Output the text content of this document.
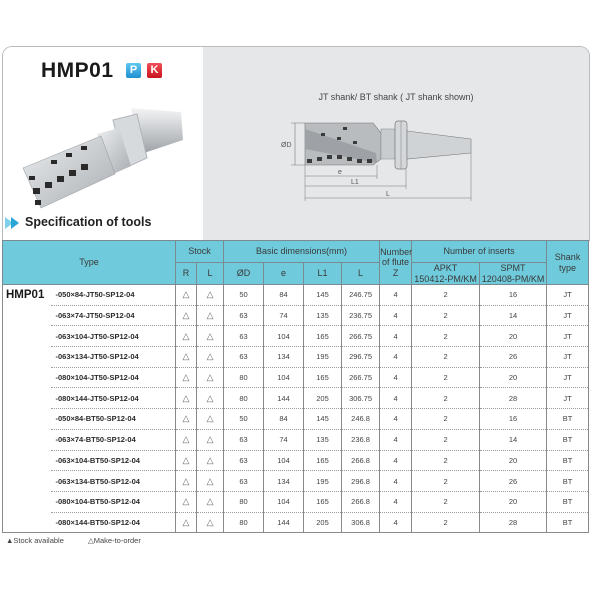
HMP01	P	K
Specification of tools
JT shank/ BT shank ( JT shank shown)
ØD
e
L1
L
Type		Stock		Basic dimensions(mm)				Number
of flute
Z	Number of inserts		Shank
type
		R	L	ØD	e	L1	L		APKT
150412-PM/KM	SPMT
120408-PM/KM	
HMP01	-050×84-JT50-SP12-04	△	△	50	84	145	246.75	4	2	16	JT
	-063×74-JT50-SP12-04	△	△	63	74	135	236.75	4	2	14	JT
	-063×104-JT50-SP12-04	△	△	63	104	165	266.75	4	2	20	JT
	-063×134-JT50-SP12-04	△	△	63	134	195	296.75	4	2	26	JT
	-080×104-JT50-SP12-04	△	△	80	104	165	266.75	4	2	20	JT
	-080×144-JT50-SP12-04	△	△	80	144	205	306.75	4	2	28	JT
	-050×84-BT50-SP12-04	△	△	50	84	145	246.8	4	2	16	BT
	-063×74-BT50-SP12-04	△	△	63	74	135	236.8	4	2	14	BT
	-063×104-BT50-SP12-04	△	△	63	104	165	266.8	4	2	20	BT
	-063×134-BT50-SP12-04	△	△	63	134	195	296.8	4	2	26	BT
	-080×104-BT50-SP12-04	△	△	80	104	165	266.8	4	2	20	BT
	-080×144-BT50-SP12-04	△	△	80	144	205	306.8	4	2	28	BT
▲Stock available	△Make-to-order
